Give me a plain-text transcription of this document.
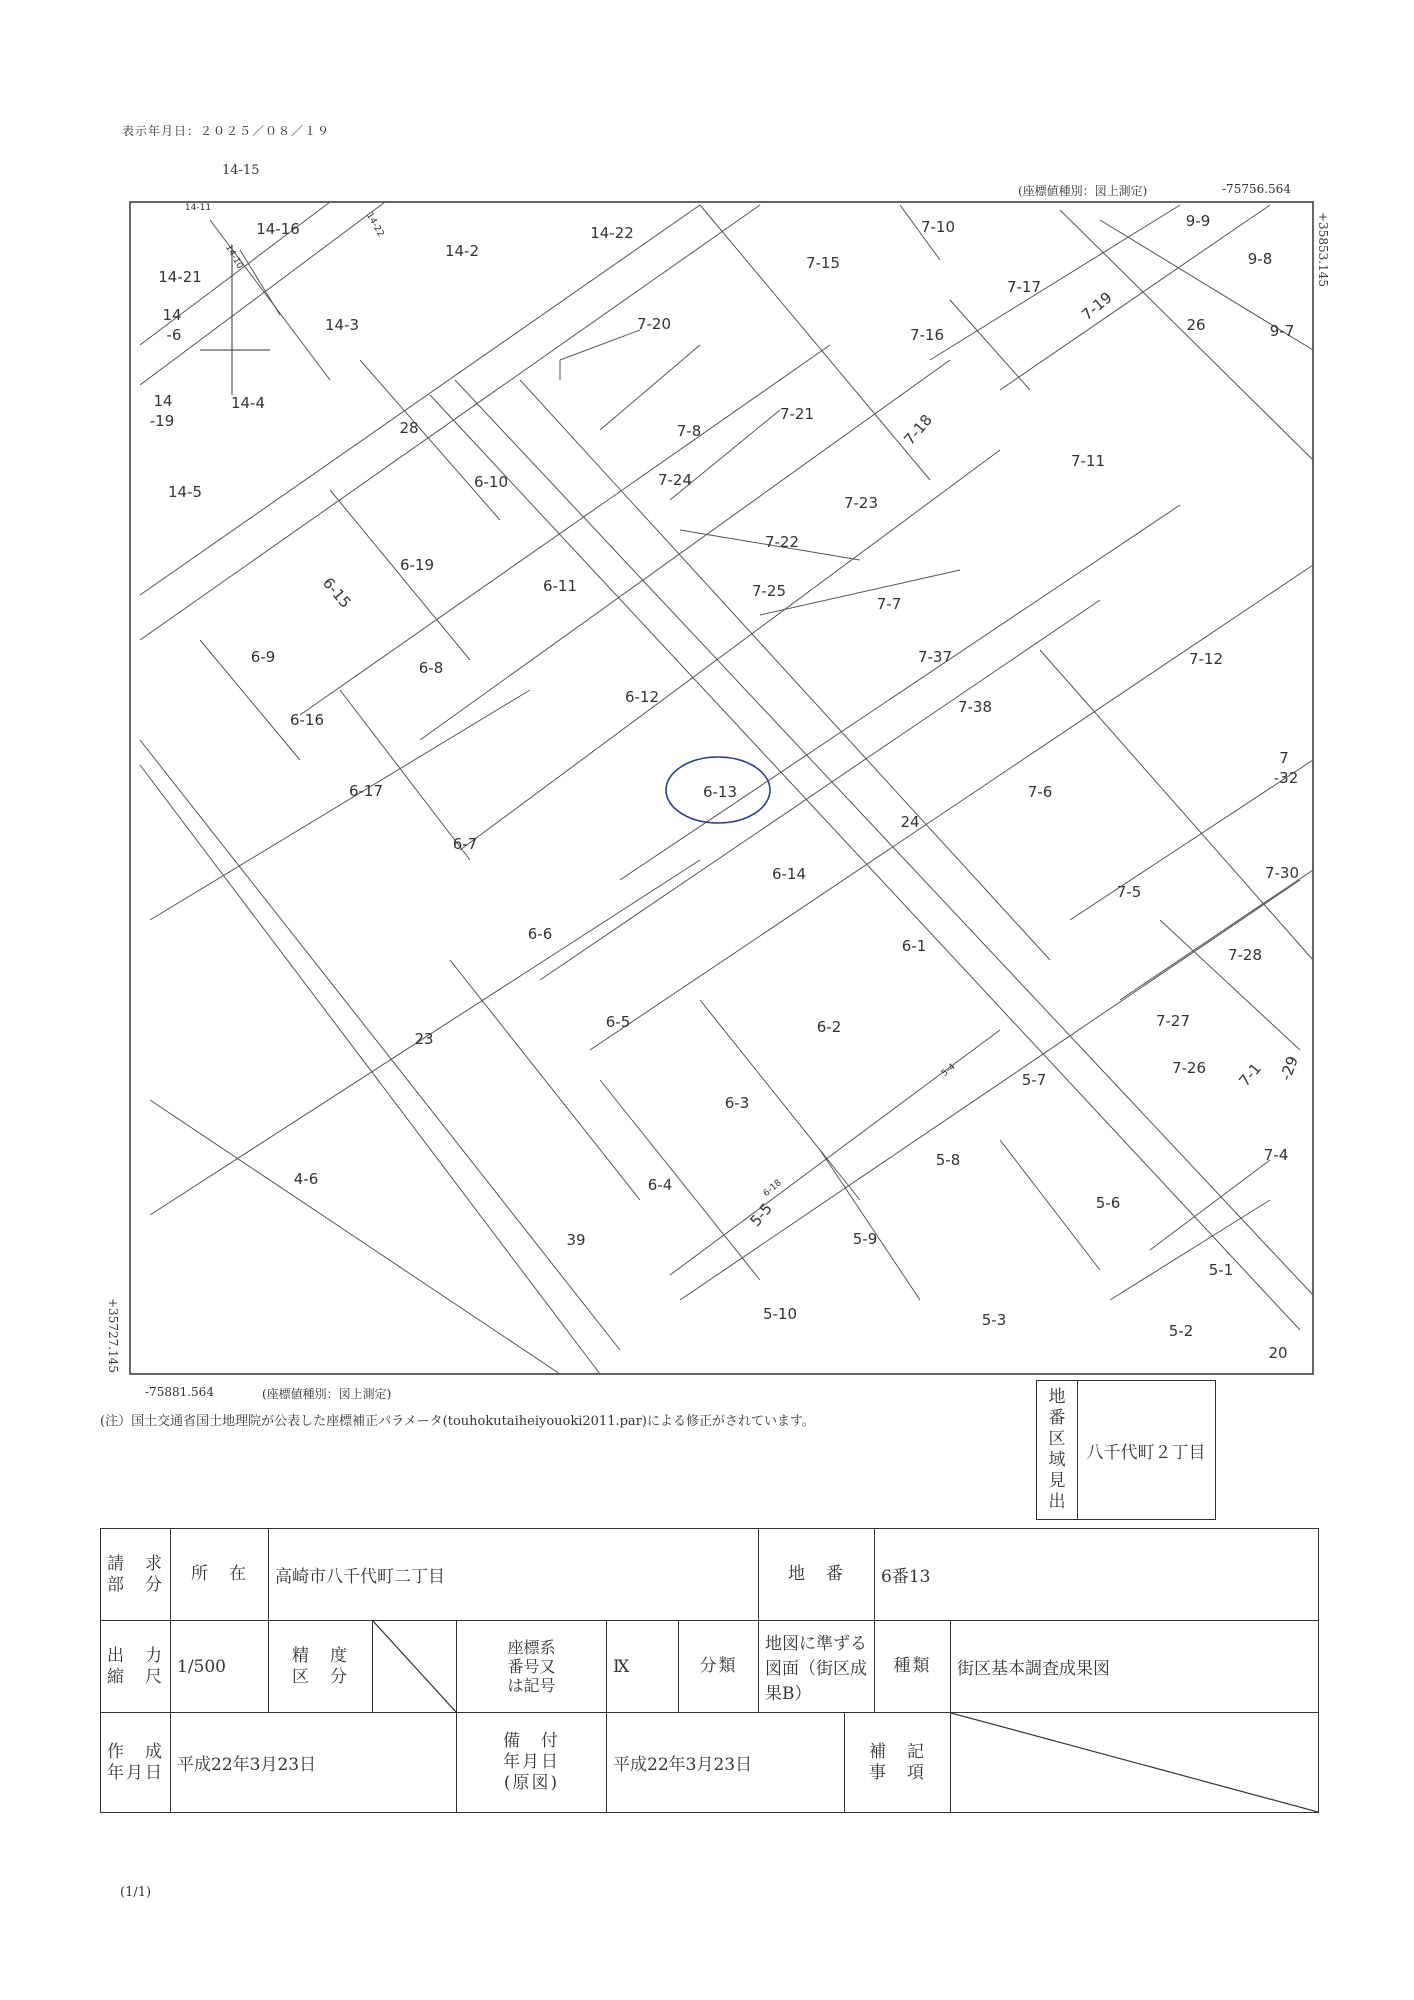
表示年月日：２０２５／０８／１９
14-15
(座標値種別：図上測定)	-75756.564
+35853.145
+35727.145
-75881.564	(座標値種別：図上測定)
14-16
14-2
14-22	7-10	9-9
9-8
14-21
14-3
7-15
7-17
7-19
26	9-7
14
-6
7-20
7-16
14-4
7-21
28	7-8	7-18
7-11
14-5
6-10	7-24
7-23
6-19
7-22
6-11	7-25
7-7
6-15
7-37	7-12
6-9
6-8
6-12
7-38
6-16
7
-32
6-17	6-13	7-6
6-7
24
6-14	7-30
7-5
6-6
6-1	7-28
6-5	6-2	7-27
23
7-26 7-1 -29
5-7
6-3
7-4
5-8
4-6	6-4
5-6
39	5-9
5-1
5-10	5-3
5-2
20
14-11
14-10
5-5
6-18
5-4
14-22
14
-19
(注）国土交通省国土地理院が公表した座標補正パラメータ(touhokutaiheiyouoki2011.par)による修正がされています。
地
番
区
域
見
出
八千代町２丁目
請　求
部　分	所　在	高崎市八千代町二丁目					地　番		6番13	
出　力
縮　尺	1/500	精　度
区　分		座標系
番号又
は記号	Ⅸ	分類	地図に準ずる図面（街区成果B）		種類	街区基本調査成果図
作　成
年月日	平成22年3月23日			備　付
年月日
(原図)	平成22年3月23日			補　記
事　項	
(1/1)
